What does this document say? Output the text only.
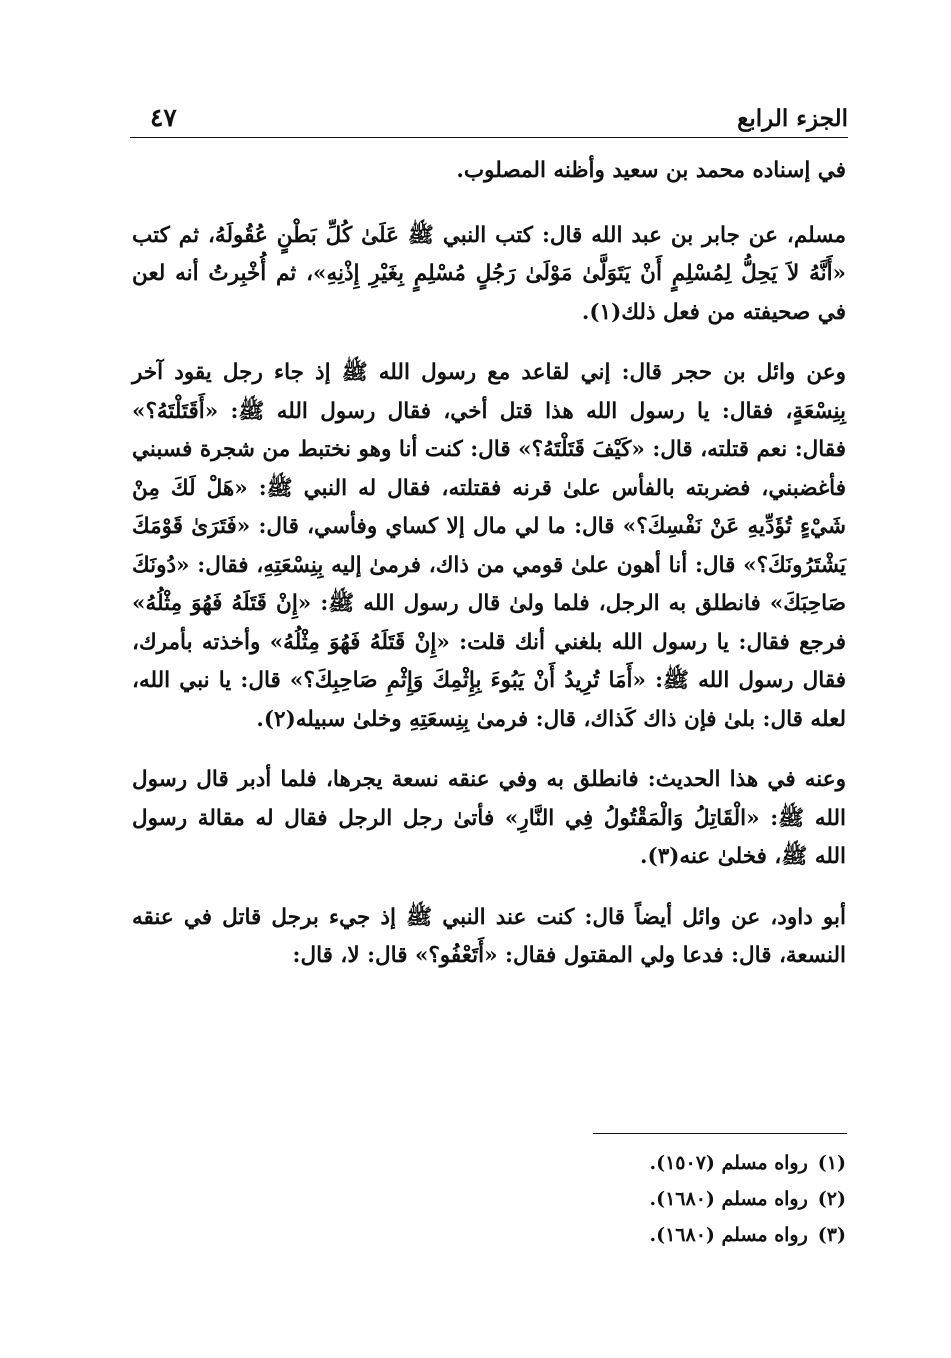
الجزء الرابع
٤٧

في إسناده محمد بن سعيد وأظنه المصلوب.

مسلم، عن جابر بن عبد الله قال: كتب النبي ﷺ عَلَىٰ كُلِّ بَطْنٍ عُقُولَهُ، ثم كتب «أَنَّهُ لاَ يَحِلُّ لِمُسْلِمٍ أَنْ يَتَوَلَّىٰ مَوْلَىٰ رَجُلٍ مُسْلِمٍ بِغَيْرِ إِذْنِهِ»، ثم أُخْبِرتُ أنه لعن في صحيفته من فعل ذلك(١).

وعن وائل بن حجر قال: إني لقاعد مع رسول الله ﷺ إذ جاء رجل يقود آخر بِنِسْعَةٍ، فقال: يا رسول الله هذا قتل أخي، فقال رسول الله ﷺ: «أَقَتَلْتَهُ؟» فقال: نعم قتلته، قال: «كَيْفَ قَتَلْتَهُ؟» قال: كنت أنا وهو نختبط من شجرة فسبني فأغضبني، فضربته بالفأس علىٰ قرنه فقتلته، فقال له النبي ﷺ: «هَلْ لَكَ مِنْ شَيْءٍ تُؤَدِّيهِ عَنْ نَفْسِكَ؟» قال: ما لي مال إلا كساي وفأسي، قال: «فَتَرَىٰ قَوْمَكَ يَشْتَرُونَكَ؟» قال: أنا أهون علىٰ قومي من ذاك، فرمىٰ إليه بِنِسْعَتِهِ، فقال: «دُونَكَ صَاحِبَكَ» فانطلق به الرجل، فلما ولىٰ قال رسول الله ﷺ: «إِنْ قَتَلَهُ فَهُوَ مِثْلُهُ» فرجع فقال: يا رسول الله بلغني أنك قلت: «إِنْ قَتَلَهُ فَهُوَ مِثْلُهُ» وأخذته بأمرك، فقال رسول الله ﷺ: «أَمَا تُرِيدُ أَنْ يَبُوءَ بِإِثْمِكَ وَإِثْمِ صَاحِبِكَ؟» قال: يا نبي الله، لعله قال: بلىٰ فإن ذاك كَذاك، قال: فرمىٰ بِنِسعَتِهِ وخلىٰ سبيله(٢).

وعنه في هذا الحديث: فانطلق به وفي عنقه نسعة يجرها، فلما أدبر قال رسول الله ﷺ: «الْقَاتِلُ وَالْمَقْتُولُ فِي النَّارِ» فأتىٰ رجل الرجل فقال له مقالة رسول الله ﷺ، فخلىٰ عنه(٣).

أبو داود، عن وائل أيضاً قال: كنت عند النبي ﷺ إذ جيء برجل قاتل في عنقه النسعة، قال: فدعا ولي المقتول فقال: «أَتَعْفُو؟» قال: لا، قال:

(١)رواه مسلم (١٥٠٧).
(٢)رواه مسلم (١٦٨٠).
(٣)رواه مسلم (١٦٨٠).
